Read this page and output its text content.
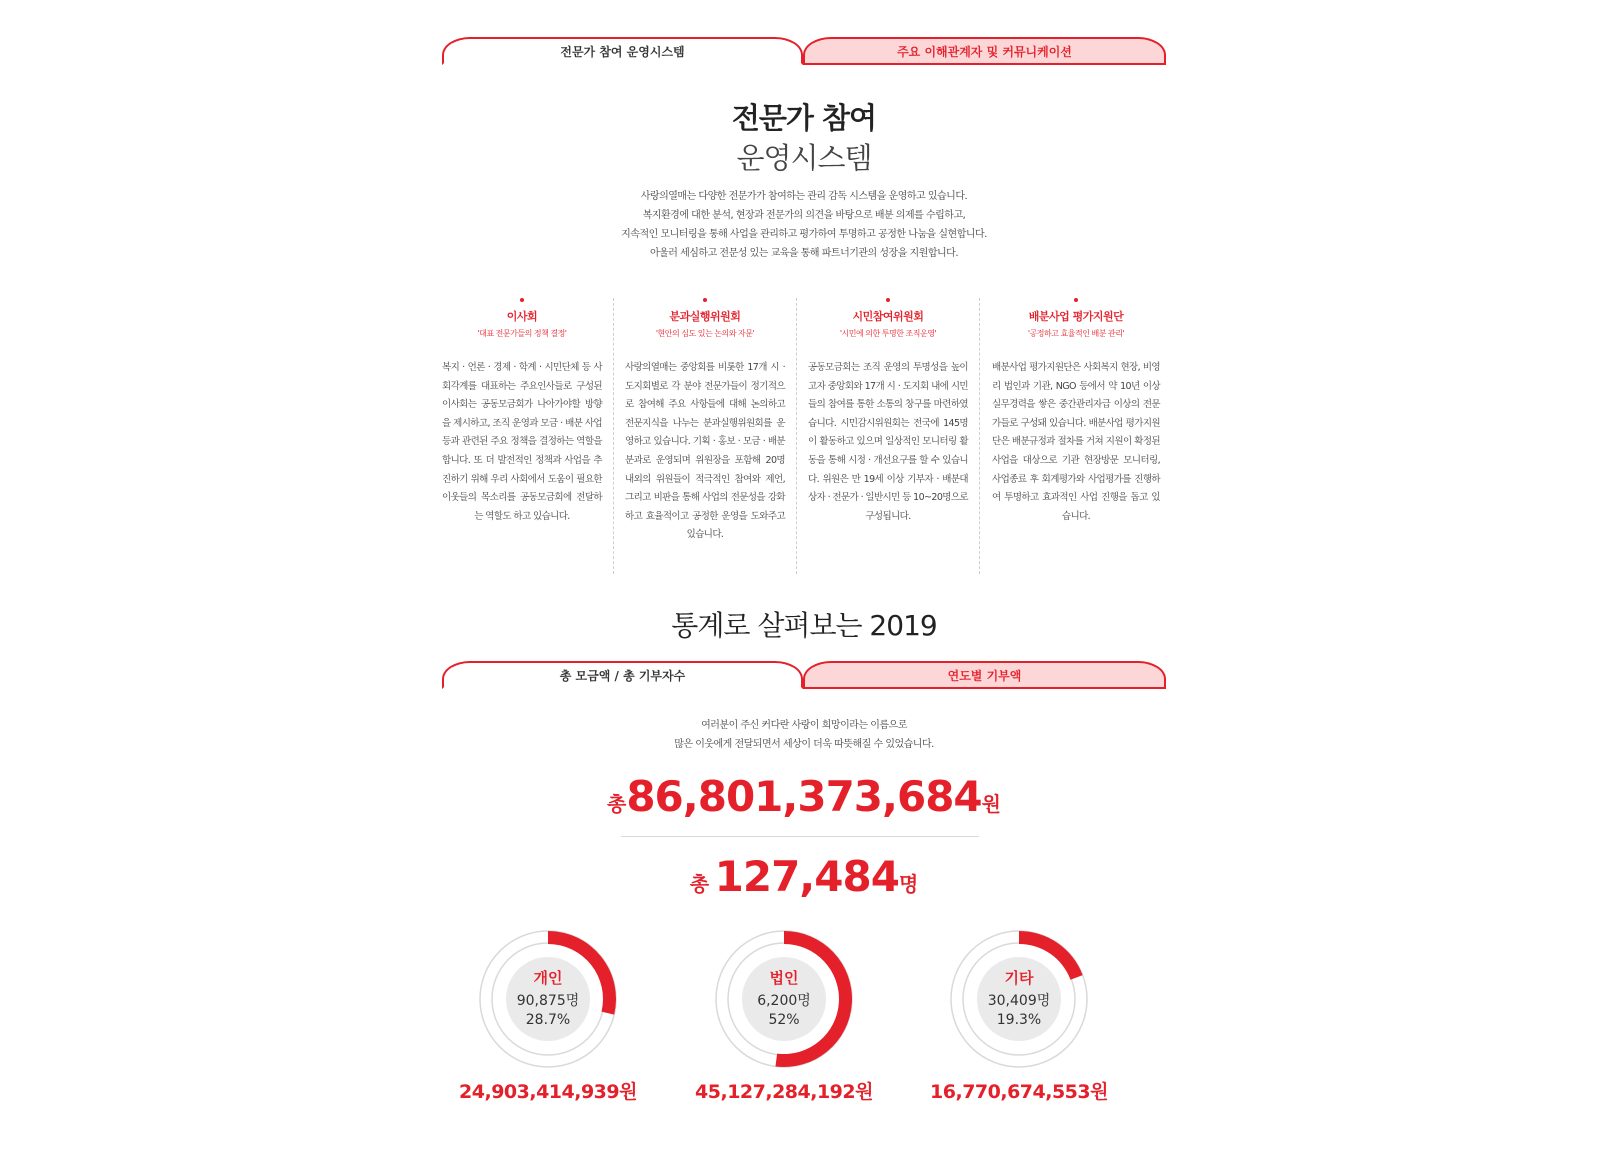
전문가 참여 운영시스템	주요 이해관계자 및 커뮤니케이션
전문가 참여
운영시스템

사랑의열매는 다양한 전문가가 참여하는 관리 감독 시스템을 운영하고 있습니다.

복지환경에 대한 분석, 현장과 전문가의 의견을 바탕으로 배분 의제를 수립하고,

지속적인 모니터링을 통해 사업을 관리하고 평가하여 투명하고 공정한 나눔을 실현합니다.

아울러 세심하고 전문성 있는 교육을 통해 파트너기관의 성장을 지원합니다.

이사회
'대표 전문가들의 정책 결정'
복지 · 언론 · 경제 · 학계 · 시민단체 등 사회각계를 대표하는 주요인사들로 구성된 이사회는 공동모금회가 나아가야할 방향을 제시하고, 조직 운영과 모금 · 배분 사업 등과 관련된 주요 정책을 결정하는 역할을 합니다. 또 더 발전적인 정책과 사업을 추진하기 위해 우리 사회에서 도움이 필요한 이웃들의 목소리를 공동모금회에 전달하는 역할도 하고 있습니다.
분과실행위원회
'현안의 심도 있는 논의와 자문'
사랑의열매는 중앙회를 비롯한 17개 시 · 도지회별로 각 분야 전문가들이 정기적으로 참여해 주요 사항들에 대해 논의하고 전문지식을 나누는 분과실행위원회를 운영하고 있습니다. 기획 · 홍보 · 모금 · 배분 분과로 운영되며 위원장을 포함해 20명 내외의 위원들이 적극적인 참여와 제언, 그리고 비판을 통해 사업의 전문성을 강화하고 효율적이고 공정한 운영을 도와주고 있습니다.
시민참여위원회
'시민에 의한 투명한 조직운영'
공동모금회는 조직 운영의 투명성을 높이고자 중앙회와 17개 시 · 도지회 내에 시민들의 참여를 통한 소통의 창구를 마련하였습니다. 시민감시위원회는 전국에 145명이 활동하고 있으며 일상적인 모니터링 활동을 통해 시정 · 개선요구를 할 수 있습니다. 위원은 만 19세 이상 기부자 · 배분대상자 · 전문가 · 일반시민 등 10~20명으로 구성됩니다.
배분사업 평가지원단
'공정하고 효율적인 배분 관리'
배분사업 평가지원단은 사회복지 현장, 비영리 법인과 기관, NGO 등에서 약 10년 이상 실무경력을 쌓은 중간관리자급 이상의 전문가들로 구성돼 있습니다. 배분사업 평가지원단은 배분규정과 절차를 거쳐 지원이 확정된 사업을 대상으로 기관 현장방문 모니터링, 사업종료 후 회계평가와 사업평가를 진행하여 투명하고 효과적인 사업 진행을 돕고 있습니다.
통계로 살펴보는 2019
총 모금액 / 총 기부자수	연도별 기부액

여러분이 주신 커다란 사랑이 희망이라는 이름으로

많은 이웃에게 전달되면서 세상이 더욱 따뜻해질 수 있었습니다.

총86,801,373,684원
총 127,484명
개인
90,875명
28.7%
24,903,414,939원
법인
6,200명
52%
45,127,284,192원
기타
30,409명
19.3%
16,770,674,553원
